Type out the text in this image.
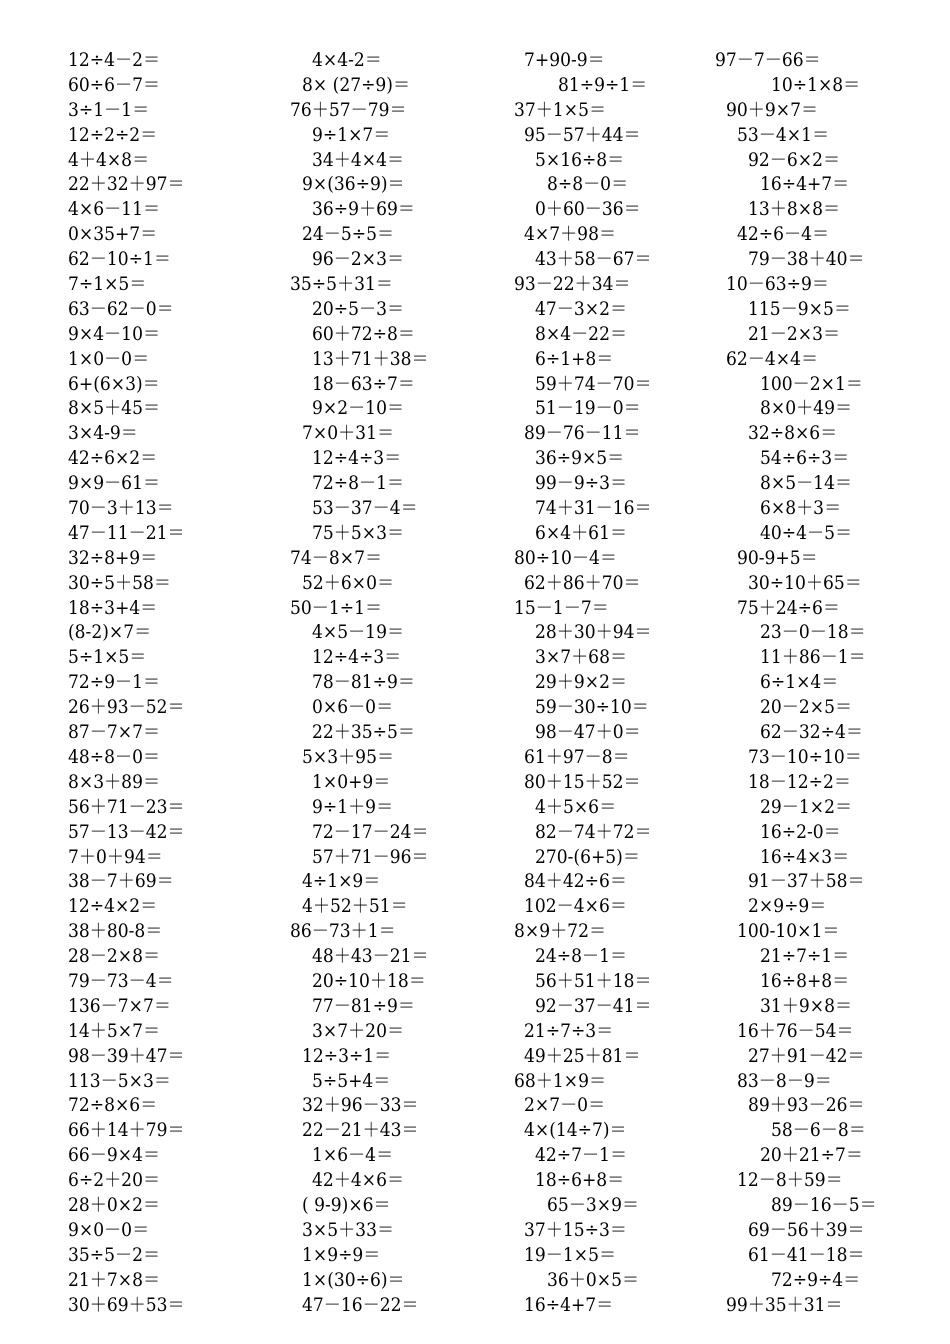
12÷4－2＝	4×4-2＝	7+90-9＝	97－7－66＝
60÷6－7＝	8× (27÷9)＝	81÷9÷1＝	10÷1×8＝
3÷1－1＝	76＋57－79＝	37＋1×5＝	90＋9×7＝
12÷2÷2＝	9÷1×7＝	95－57＋44＝	53－4×1＝
4＋4×8＝	34＋4×4＝	5×16÷8＝	92－6×2＝
22＋32＋97＝	9×(36÷9)＝	8÷8－0＝	16÷4+7＝
4×6－11＝	36÷9＋69＝	0＋60－36＝	13＋8×8＝
0×35+7＝	24－5÷5＝	4×7＋98＝	42÷6－4＝
62－10÷1＝	96－2×3＝	43＋58－67＝	79－38＋40＝
7÷1×5＝	35÷5＋31＝	93－22＋34＝	10－63÷9＝
63－62－0＝	20÷5－3＝	47－3×2＝	115－9×5＝
9×4－10＝	60＋72÷8＝	8×4－22＝	21－2×3＝
1×0－0＝	13＋71＋38＝	6÷1+8＝	62－4×4＝
6+(6×3)＝	18－63÷7＝	59＋74－70＝	100－2×1＝
8×5＋45＝	9×2－10＝	51－19－0＝	8×0＋49＝
3×4-9＝	7×0＋31＝	89－76－11＝	32÷8×6＝
42÷6×2＝	12÷4÷3＝	36÷9×5＝	54÷6÷3＝
9×9－61＝	72÷8－1＝	99－9÷3＝	8×5－14＝
70－3＋13＝	53－37－4＝	74＋31－16＝	6×8＋3＝
47－11－21＝	75＋5×3＝	6×4＋61＝	40÷4－5＝
32÷8+9＝	74－8×7＝	80÷10－4＝	90-9+5＝
30÷5＋58＝	52＋6×0＝	62＋86＋70＝	30÷10＋65＝
18÷3+4＝	50－1÷1＝	15－1－7＝	75＋24÷6＝
(8-2)×7＝	4×5－19＝	28＋30＋94＝	23－0－18＝
5÷1×5＝	12÷4÷3＝	3×7＋68＝	11＋86－1＝
72÷9－1＝	78－81÷9＝	29＋9×2＝	6÷1×4＝
26＋93－52＝	0×6－0＝	59－30÷10＝	20－2×5＝
87－7×7＝	22＋35÷5＝	98－47＋0＝	62－32÷4＝
48÷8－0＝	5×3＋95＝	61＋97－8＝	73－10÷10＝
8×3＋89＝	1×0+9＝	80＋15＋52＝	18－12÷2＝
56＋71－23＝	9÷1＋9＝	4＋5×6＝	29－1×2＝
57－13－42＝	72－17－24＝	82－74＋72＝	16÷2-0＝
7＋0＋94＝	57＋71－96＝	270-(6+5)＝	16÷4×3＝
38－7＋69＝	4÷1×9＝	84＋42÷6＝	91－37＋58＝
12÷4×2＝	4＋52＋51＝	102－4×6＝	2×9÷9＝
38＋80-8＝	86－73＋1＝	8×9＋72＝	100-10×1＝
28－2×8＝	48＋43－21＝	24÷8－1＝	21÷7÷1＝
79－73－4＝	20÷10＋18＝	56＋51＋18＝	16÷8+8＝
136－7×7＝	77－81÷9＝	92－37－41＝	31＋9×8＝
14＋5×7＝	3×7＋20＝	21÷7÷3＝	16＋76－54＝
98－39＋47＝	12÷3÷1＝	49＋25＋81＝	27＋91－42＝
113－5×3＝	5÷5+4＝	68＋1×9＝	83－8－9＝
72÷8×6＝	32＋96－33＝	2×7－0＝	89＋93－26＝
66＋14＋79＝	22－21＋43＝	4×(14÷7)＝	58－6－8＝
66－9×4＝	1×6－4＝	42÷7－1＝	20＋21÷7＝
6÷2＋20＝	42＋4×6＝	18÷6+8＝	12－8＋59＝
28＋0×2＝	( 9-9)×6＝	65－3×9＝	89－16－5＝
9×0－0＝	3×5＋33＝	37＋15÷3＝	69－56＋39＝
35÷5－2＝	1×9÷9＝	19－1×5＝	61－41－18＝
21＋7×8＝	1×(30÷6)＝	36＋0×5＝	72÷9÷4＝
30＋69＋53＝	47－16－22＝	16÷4+7＝	99＋35＋31＝
